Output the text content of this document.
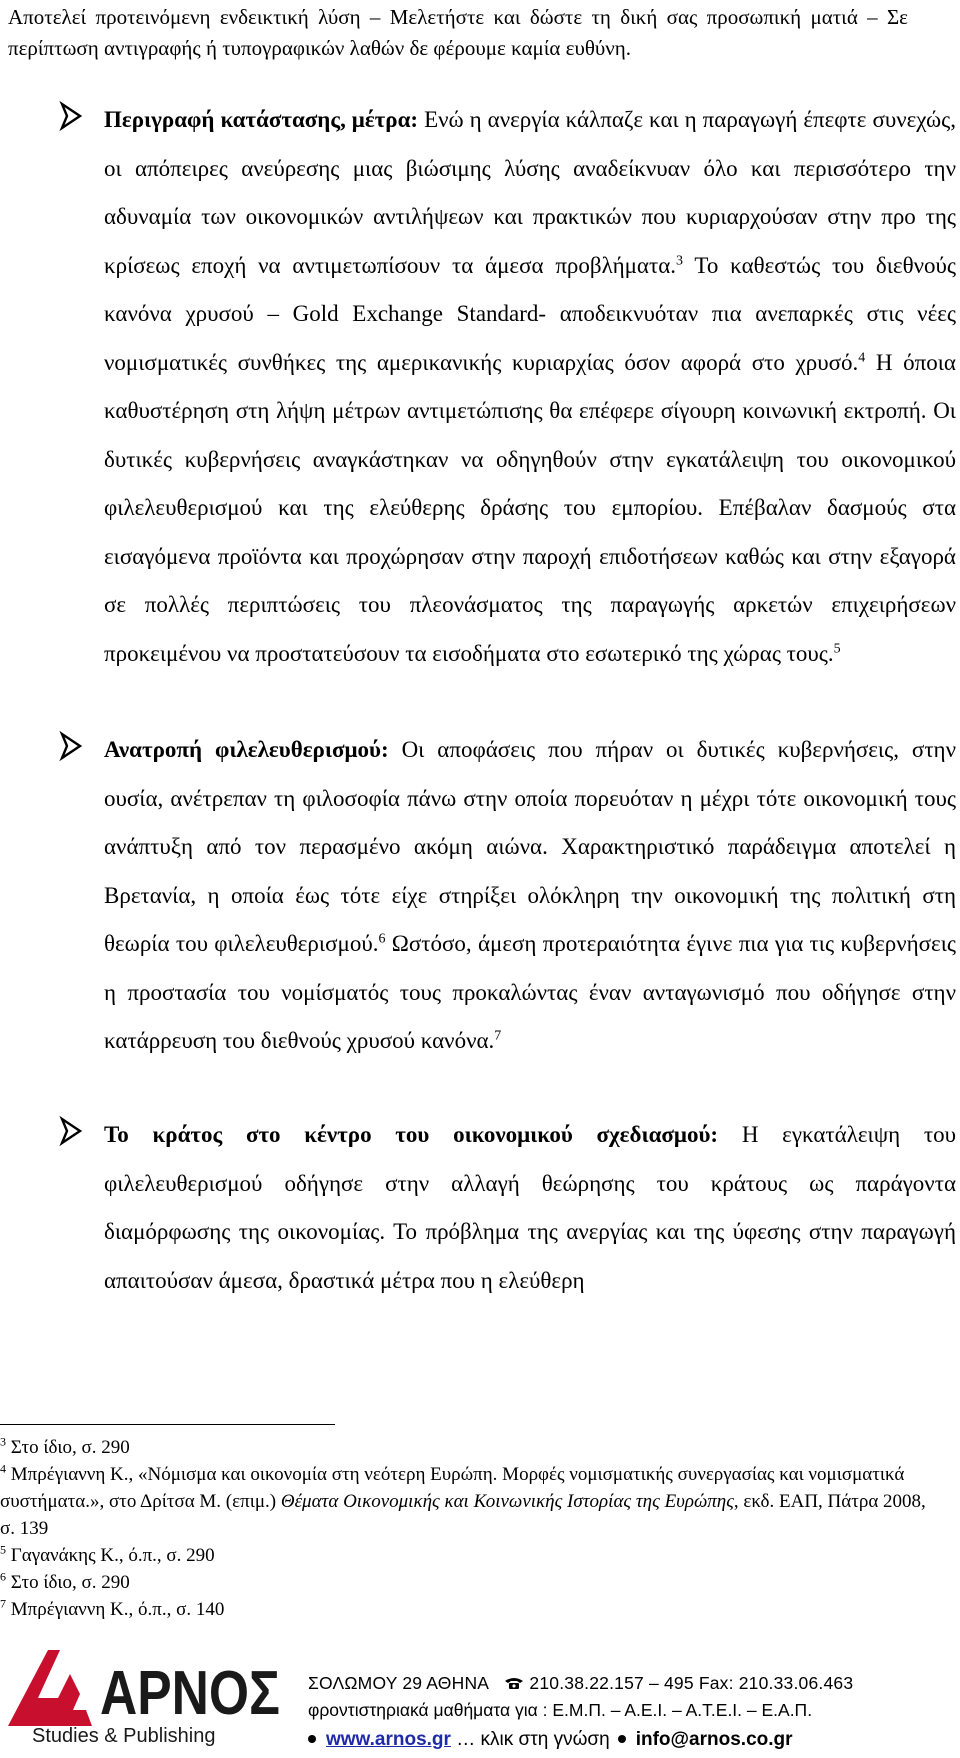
Αποτελεί προτεινόμενη ενδεικτική λύση – Μελετήστε και δώστε τη δική σας προσωπική ματιά – Σε περίπτωση αντιγραφής ή τυπογραφικών λαθών δε φέρουμε καμία ευθύνη.
Περιγραφή κατάστασης, μέτρα: Ενώ η ανεργία κάλπαζε και η παραγωγή έπεφτε συνεχώς, οι απόπειρες ανεύρεσης μιας βιώσιμης λύσης αναδείκνυαν όλο και περισσότερο την αδυναμία των οικονομικών αντιλήψεων και πρακτικών που κυριαρχούσαν στην προ της κρίσεως εποχή να αντιμετωπίσουν τα άμεσα προβλήματα.$^3$ Το καθεστώς του διεθνούς κανόνα χρυσού – Gold Exchange Standard- αποδεικνυόταν πια ανεπαρκές στις νέες νομισματικές συνθήκες της αμερικανικής κυριαρχίας όσον αφορά στο χρυσό.$^4$ Η όποια καθυστέρηση στη λήψη μέτρων αντιμετώπισης θα επέφερε σίγουρη κοινωνική εκτροπή. Οι δυτικές κυβερνήσεις αναγκάστηκαν να οδηγηθούν στην εγκατάλειψη του οικονομικού φιλελευθερισμού και της ελεύθερης δράσης του εμπορίου. Επέβαλαν δασμούς στα εισαγόμενα προϊόντα και προχώρησαν στην παροχή επιδοτήσεων καθώς και στην εξαγορά σε πολλές περιπτώσεις του πλεονάσματος της παραγωγής αρκετών επιχειρήσεων προκειμένου να προστατεύσουν τα εισοδήματα στο εσωτερικό της χώρας τους.$^5$
Ανατροπή φιλελευθερισμού: Οι αποφάσεις που πήραν οι δυτικές κυβερνήσεις, στην ουσία, ανέτρεπαν τη φιλοσοφία πάνω στην οποία πορευόταν η μέχρι τότε οικονομική τους ανάπτυξη από τον περασμένο ακόμη αιώνα. Χαρακτηριστικό παράδειγμα αποτελεί η Βρετανία, η οποία έως τότε είχε στηρίξει ολόκληρη την οικονομική της πολιτική στη θεωρία του φιλελευθερισμού.$^6$ Ωστόσο, άμεση προτεραιότητα έγινε πια για τις κυβερνήσεις η προστασία του νομίσματός τους προκαλώντας έναν ανταγωνισμό που οδήγησε στην κατάρρευση του διεθνούς χρυσού κανόνα.$^7$
Το κράτος στο κέντρο του οικονομικού σχεδιασμού: Η εγκατάλειψη του φιλελευθερισμού οδήγησε στην αλλαγή θεώρησης του κράτους ως παράγοντα διαμόρφωσης της οικονομίας. Το πρόβλημα της ανεργίας και της ύφεσης στην παραγωγή απαιτούσαν άμεσα, δραστικά μέτρα που η ελεύθερη

$^3$ Στο ίδιο, σ. 290

$^4$ Μπρέγιαννη Κ., «Νόμισμα και οικονομία στη νεότερη Ευρώπη. Μορφές νομισματικής συνεργασίας και νομισματικά συστήματα.», στο Δρίτσα Μ. (επιμ.) Θέματα Οικονομικής και Κοινωνικής Ιστορίας της Ευρώπης, εκδ. ΕΑΠ, Πάτρα 2008, σ. 139

$^5$ Γαγανάκης Κ., ό.π., σ. 290

$^6$ Στο ίδιο, σ. 290

$^7$ Μπρέγιαννη Κ., ό.π., σ. 140

ΑΡΝΟΣ
Studies & Publishing
ΣΟΛΩΜΟΥ 29 ΑΘΗΝΑ 210.38.22.157 – 495 Fax: 210.33.06.463
φροντιστηριακά μαθήματα για : Ε.Μ.Π. – Α.Ε.Ι. – Α.Τ.Ε.Ι. – Ε.Α.Π.
www.arnos.gr … κλικ στη γνώση info@arnos.co.gr
